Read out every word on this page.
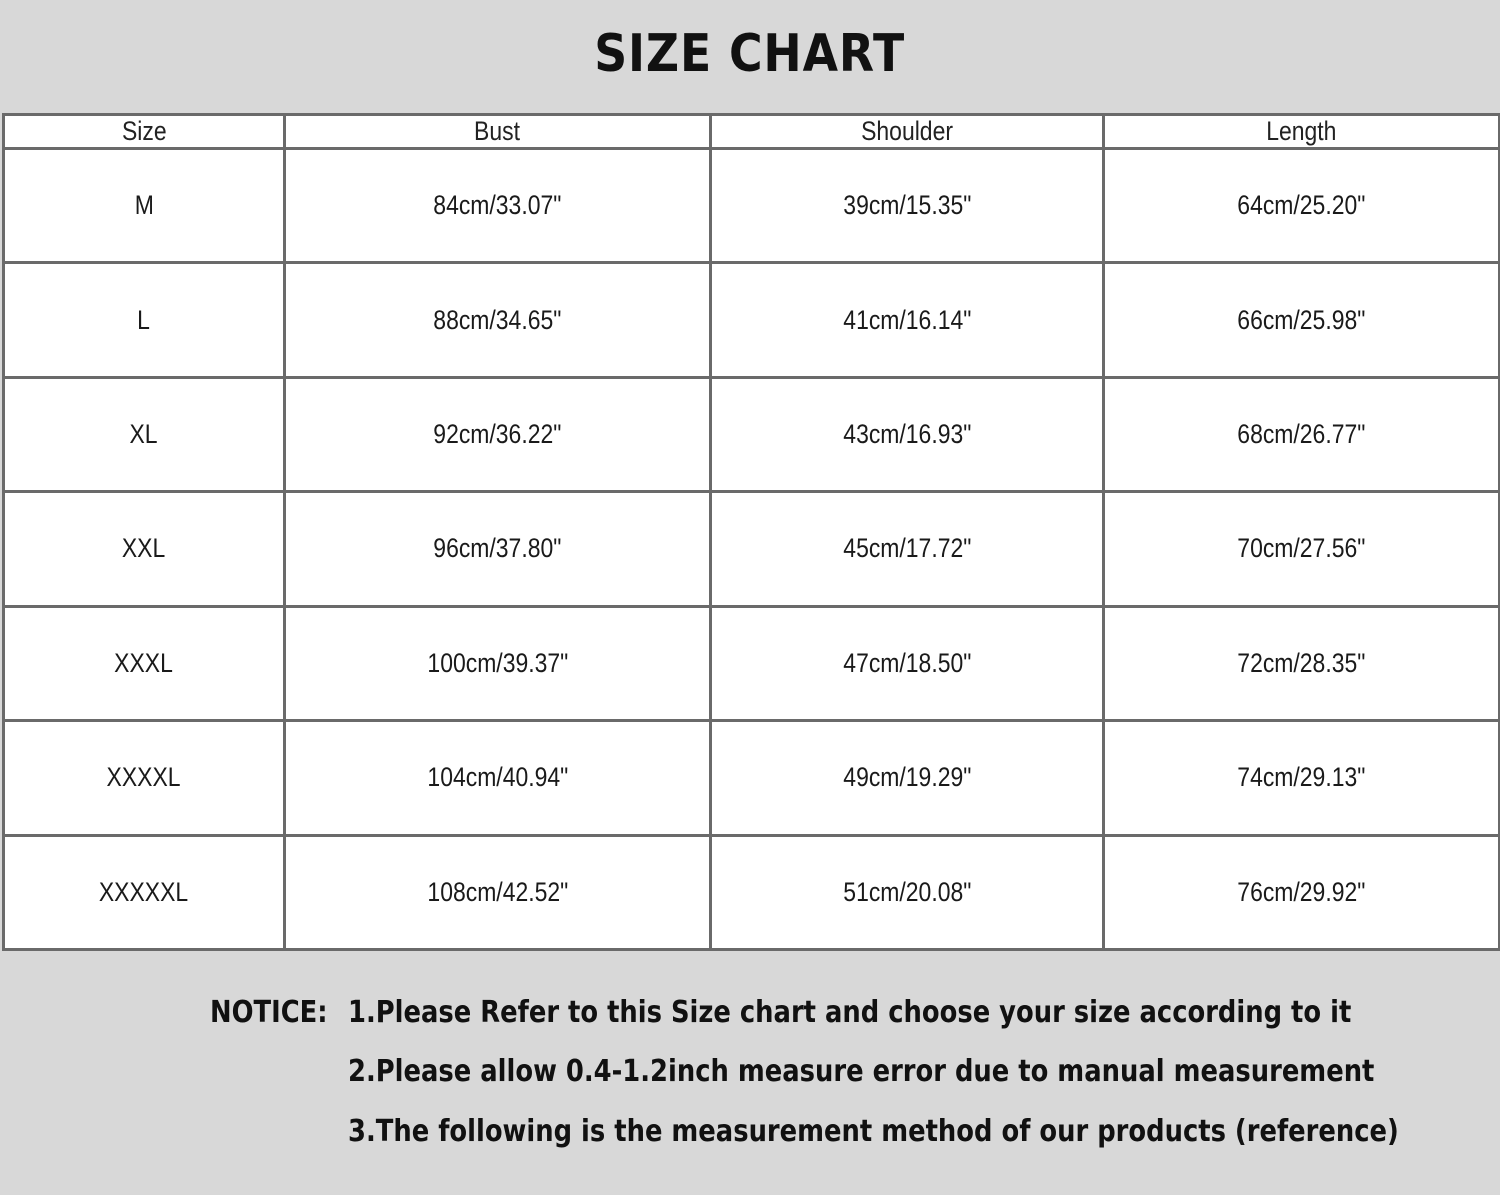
SIZE CHART
Size	Bust	Shoulder	Length
M	84cm/33.07"	39cm/15.35"	64cm/25.20"
L	88cm/34.65"	41cm/16.14"	66cm/25.98"
XL	92cm/36.22"	43cm/16.93"	68cm/26.77"
XXL	96cm/37.80"	45cm/17.72"	70cm/27.56"
XXXL	100cm/39.37"	47cm/18.50"	72cm/28.35"
XXXXL	104cm/40.94"	49cm/19.29"	74cm/29.13"
XXXXXL	108cm/42.52"	51cm/20.08"	76cm/29.92"
NOTICE: 1.Please Refer to this Size chart and choose your size according to it
2.Please allow 0.4-1.2inch measure error due to manual measurement
3.The following is the measurement method of our products (reference)
